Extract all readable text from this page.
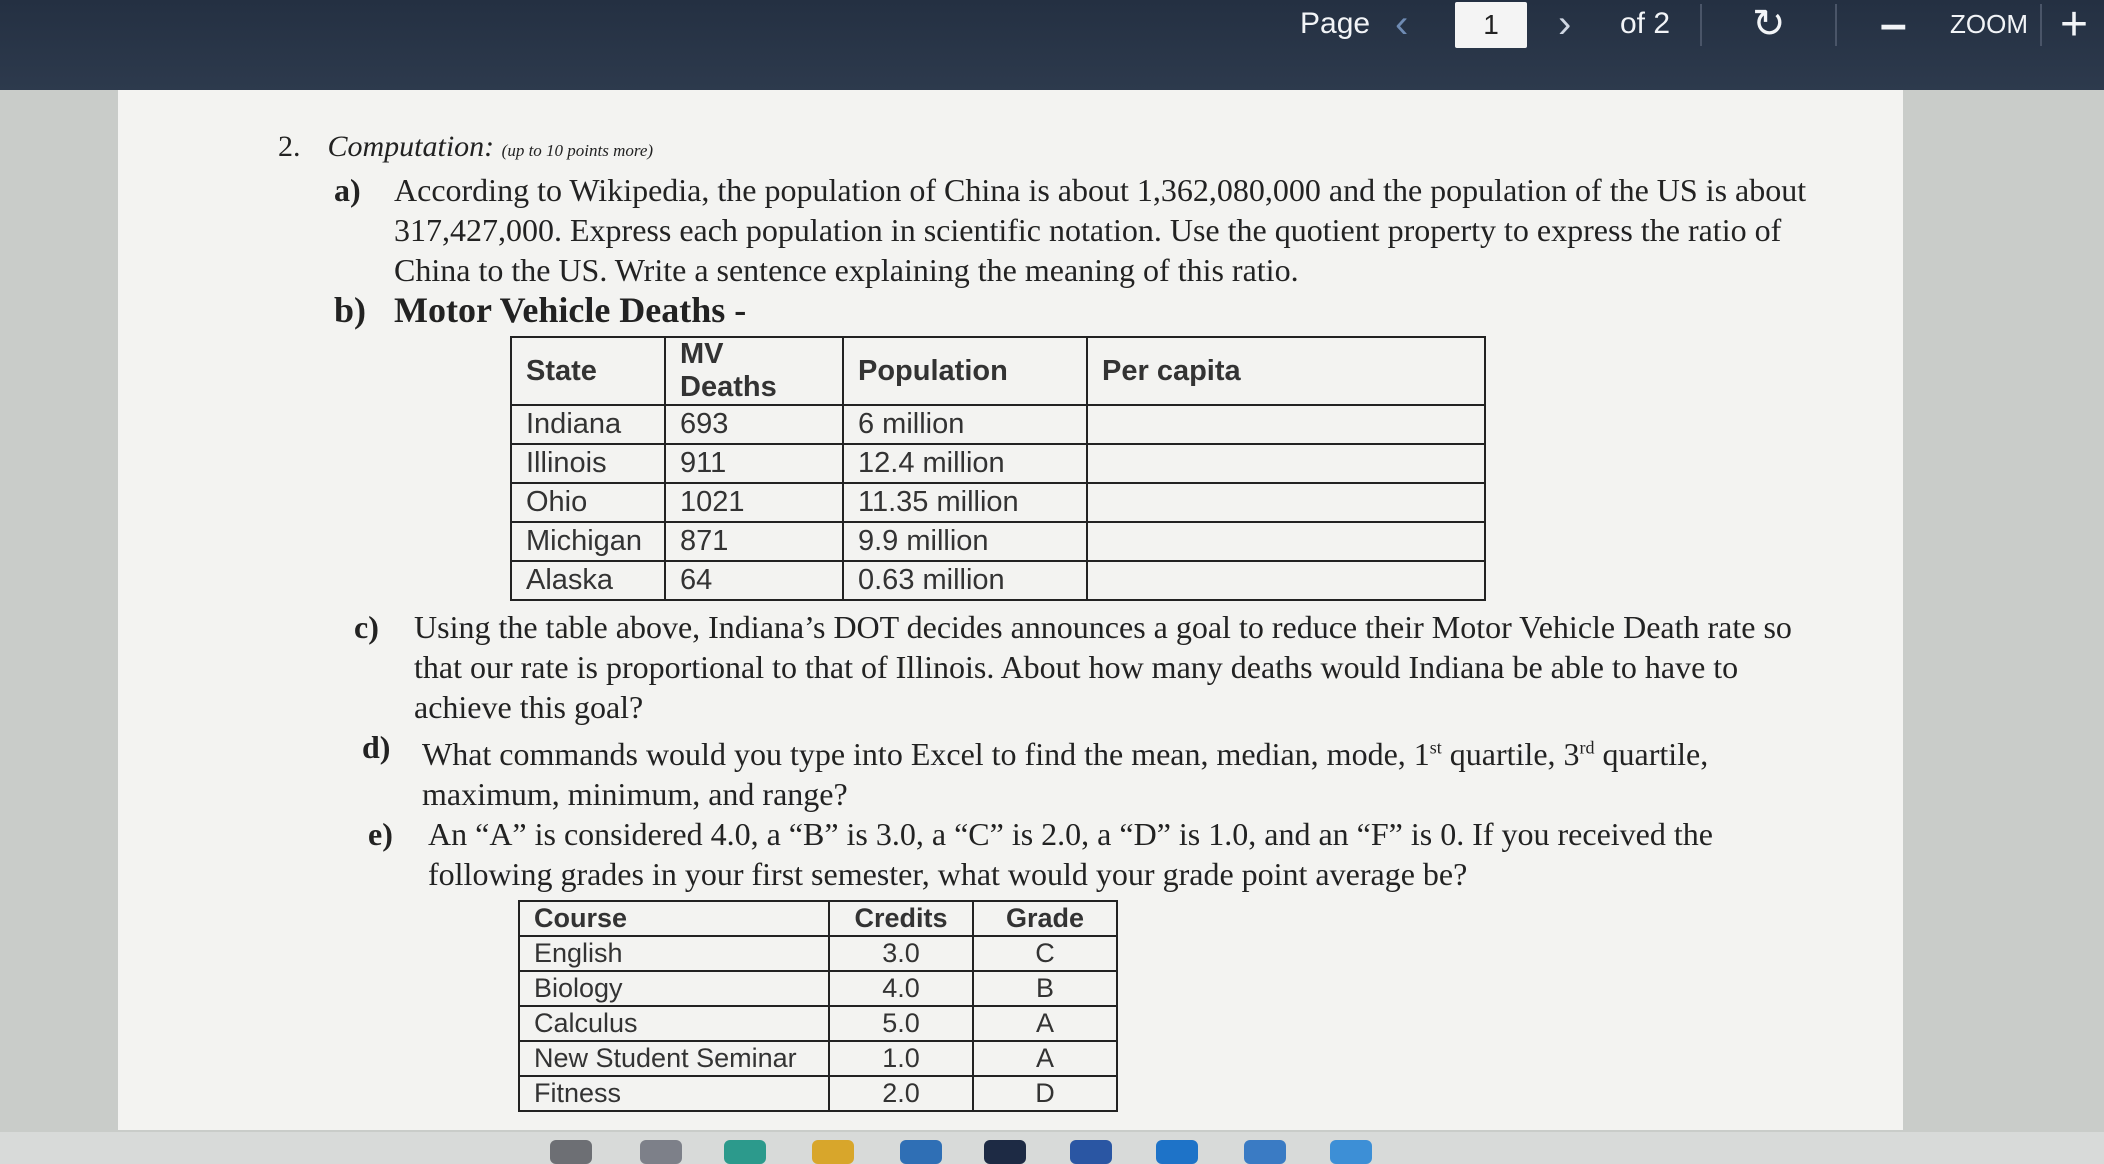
Page ‹	1	› of 2 ↻ – ZOOM +
2. Computation: (up to 10 points more)
a) According to Wikipedia, the population of China is about 1,362,080,000 and the population of the US is about 317,427,000. Express each population in scientific notation. Use the quotient property to express the ratio of China to the US. Write a sentence explaining the meaning of this ratio.
b) Motor Vehicle Deaths -
State	MV Deaths	Population	Per capita
Indiana	693	6 million	
Illinois	911	12.4 million	
Ohio	1021	11.35 million	
Michigan	871	9.9 million	
Alaska	64	0.63 million	
c) Using the table above, Indiana’s DOT decides announces a goal to reduce their Motor Vehicle Death rate so that our rate is proportional to that of Illinois. About how many deaths would Indiana be able to have to achieve this goal?
d) What commands would you type into Excel to find the mean, median, mode, 1st quartile, 3rd quartile, maximum, minimum, and range?
e) An “A” is considered 4.0, a “B” is 3.0, a “C” is 2.0, a “D” is 1.0, and an “F” is 0. If you received the following grades in your first semester, what would your grade point average be?
Course	Credits	Grade
English	3.0	C
Biology	4.0	B
Calculus	5.0	A
New Student Seminar	1.0	A
Fitness	2.0	D
